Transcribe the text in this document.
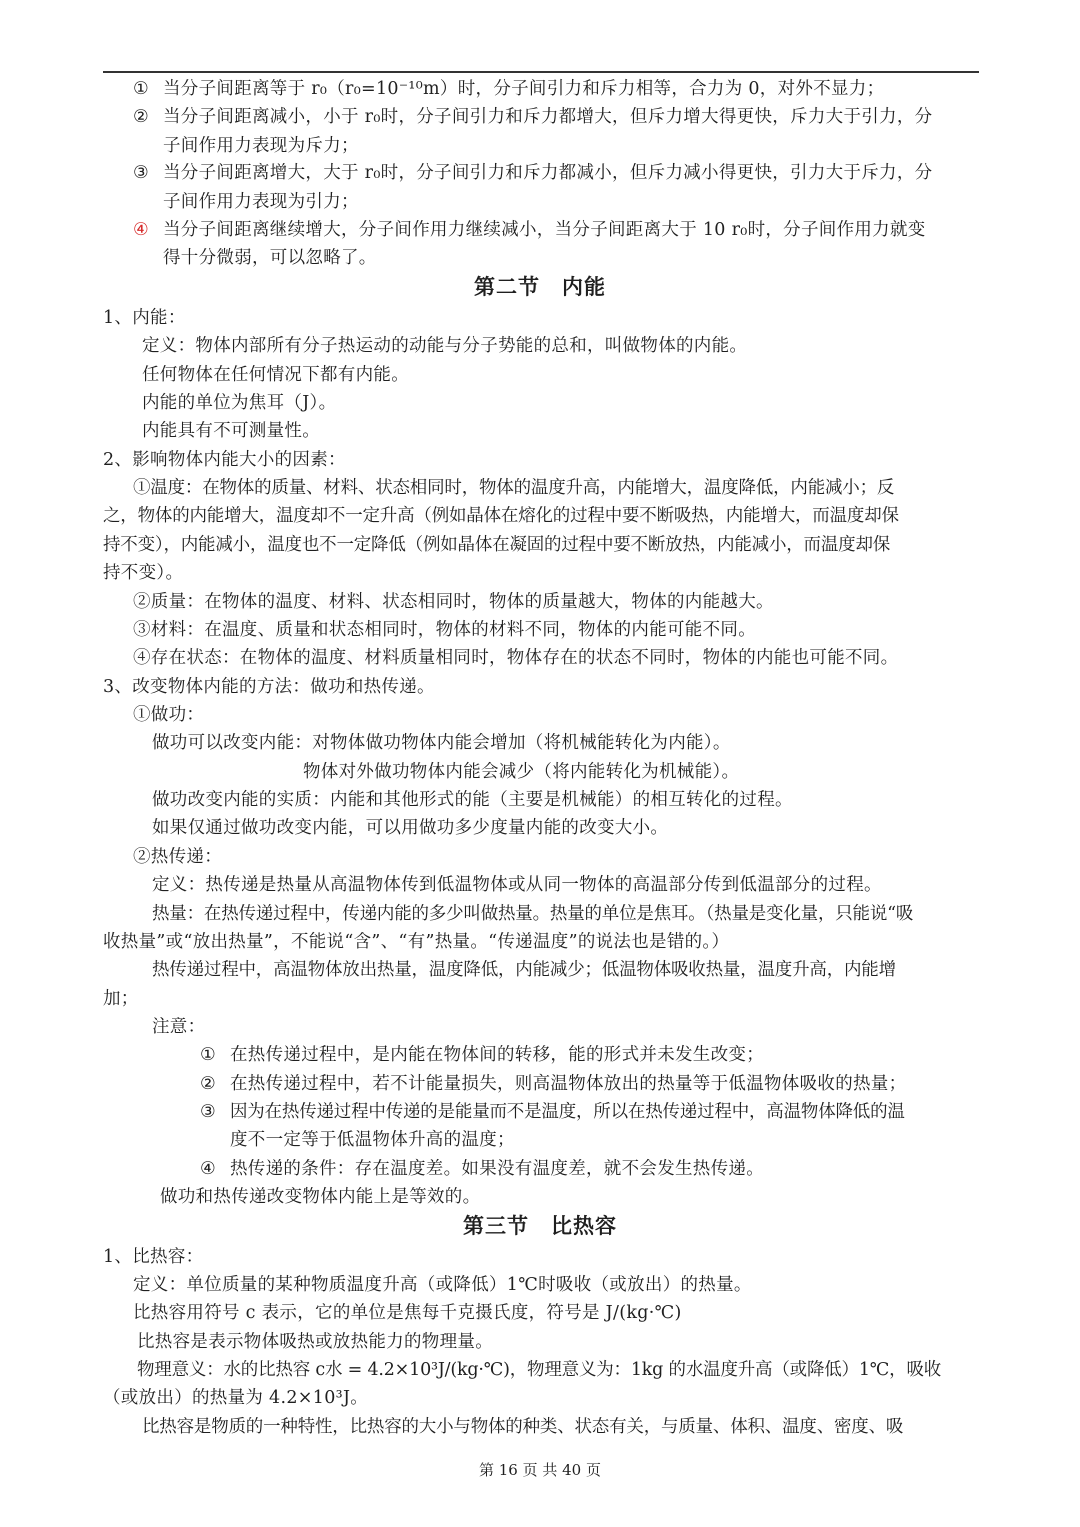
① 当分子间距离等于 r₀（r₀=10⁻¹⁰m）时，分子间引力和斥力相等，合力为 0，对外不显力；
② 当分子间距离减小，小于 r₀时，分子间引力和斥力都增大，但斥力增大得更快，斥力大于引力，分
子间作用力表现为斥力；
③ 当分子间距离增大，大于 r₀时，分子间引力和斥力都减小，但斥力减小得更快，引力大于斥力，分
子间作用力表现为引力；
④ 当分子间距离继续增大，分子间作用力继续减小，当分子间距离大于 10 r₀时，分子间作用力就变
得十分微弱，可以忽略了。
第二节　内能
1、内能：
定义：物体内部所有分子热运动的动能与分子势能的总和，叫做物体的内能。
任何物体在任何情况下都有内能。
内能的单位为焦耳（J）。
内能具有不可测量性。
2、影响物体内能大小的因素：
①温度：在物体的质量、材料、状态相同时，物体的温度升高，内能增大，温度降低，内能减小；反
之，物体的内能增大，温度却不一定升高（例如晶体在熔化的过程中要不断吸热，内能增大，而温度却保
持不变），内能减小，温度也不一定降低（例如晶体在凝固的过程中要不断放热，内能减小，而温度却保
持不变）。
②质量：在物体的温度、材料、状态相同时，物体的质量越大，物体的内能越大。
③材料：在温度、质量和状态相同时，物体的材料不同，物体的内能可能不同。
④存在状态：在物体的温度、材料质量相同时，物体存在的状态不同时，物体的内能也可能不同。
3、改变物体内能的方法：做功和热传递。
①做功：
做功可以改变内能：对物体做功物体内能会增加（将机械能转化为内能）。
物体对外做功物体内能会减少（将内能转化为机械能）。
做功改变内能的实质：内能和其他形式的能（主要是机械能）的相互转化的过程。
如果仅通过做功改变内能，可以用做功多少度量内能的改变大小。
②热传递：
定义：热传递是热量从高温物体传到低温物体或从同一物体的高温部分传到低温部分的过程。
热量：在热传递过程中，传递内能的多少叫做热量。热量的单位是焦耳。（热量是变化量，只能说“吸
收热量”或“放出热量”，不能说“含”、“有”热量。“传递温度”的说法也是错的。）
热传递过程中，高温物体放出热量，温度降低，内能减少；低温物体吸收热量，温度升高，内能增
加；
注意：
① 在热传递过程中，是内能在物体间的转移，能的形式并未发生改变；
② 在热传递过程中，若不计能量损失，则高温物体放出的热量等于低温物体吸收的热量；
③ 因为在热传递过程中传递的是能量而不是温度，所以在热传递过程中，高温物体降低的温
度不一定等于低温物体升高的温度；
④ 热传递的条件：存在温度差。如果没有温度差，就不会发生热传递。
做功和热传递改变物体内能上是等效的。
第三节　比热容
1、比热容：
定义：单位质量的某种物质温度升高（或降低）1℃时吸收（或放出）的热量。
比热容用符号 c 表示，它的单位是焦每千克摄氏度，符号是 J/(kg·℃)
比热容是表示物体吸热或放热能力的物理量。
物理意义：水的比热容 c水 = 4.2×10³J/(kg·℃)，物理意义为：1kg 的水温度升高（或降低）1℃，吸收
（或放出）的热量为 4.2×10³J。
比热容是物质的一种特性，比热容的大小与物体的种类、状态有关，与质量、体积、温度、密度、吸
第 16 页 共 40 页
